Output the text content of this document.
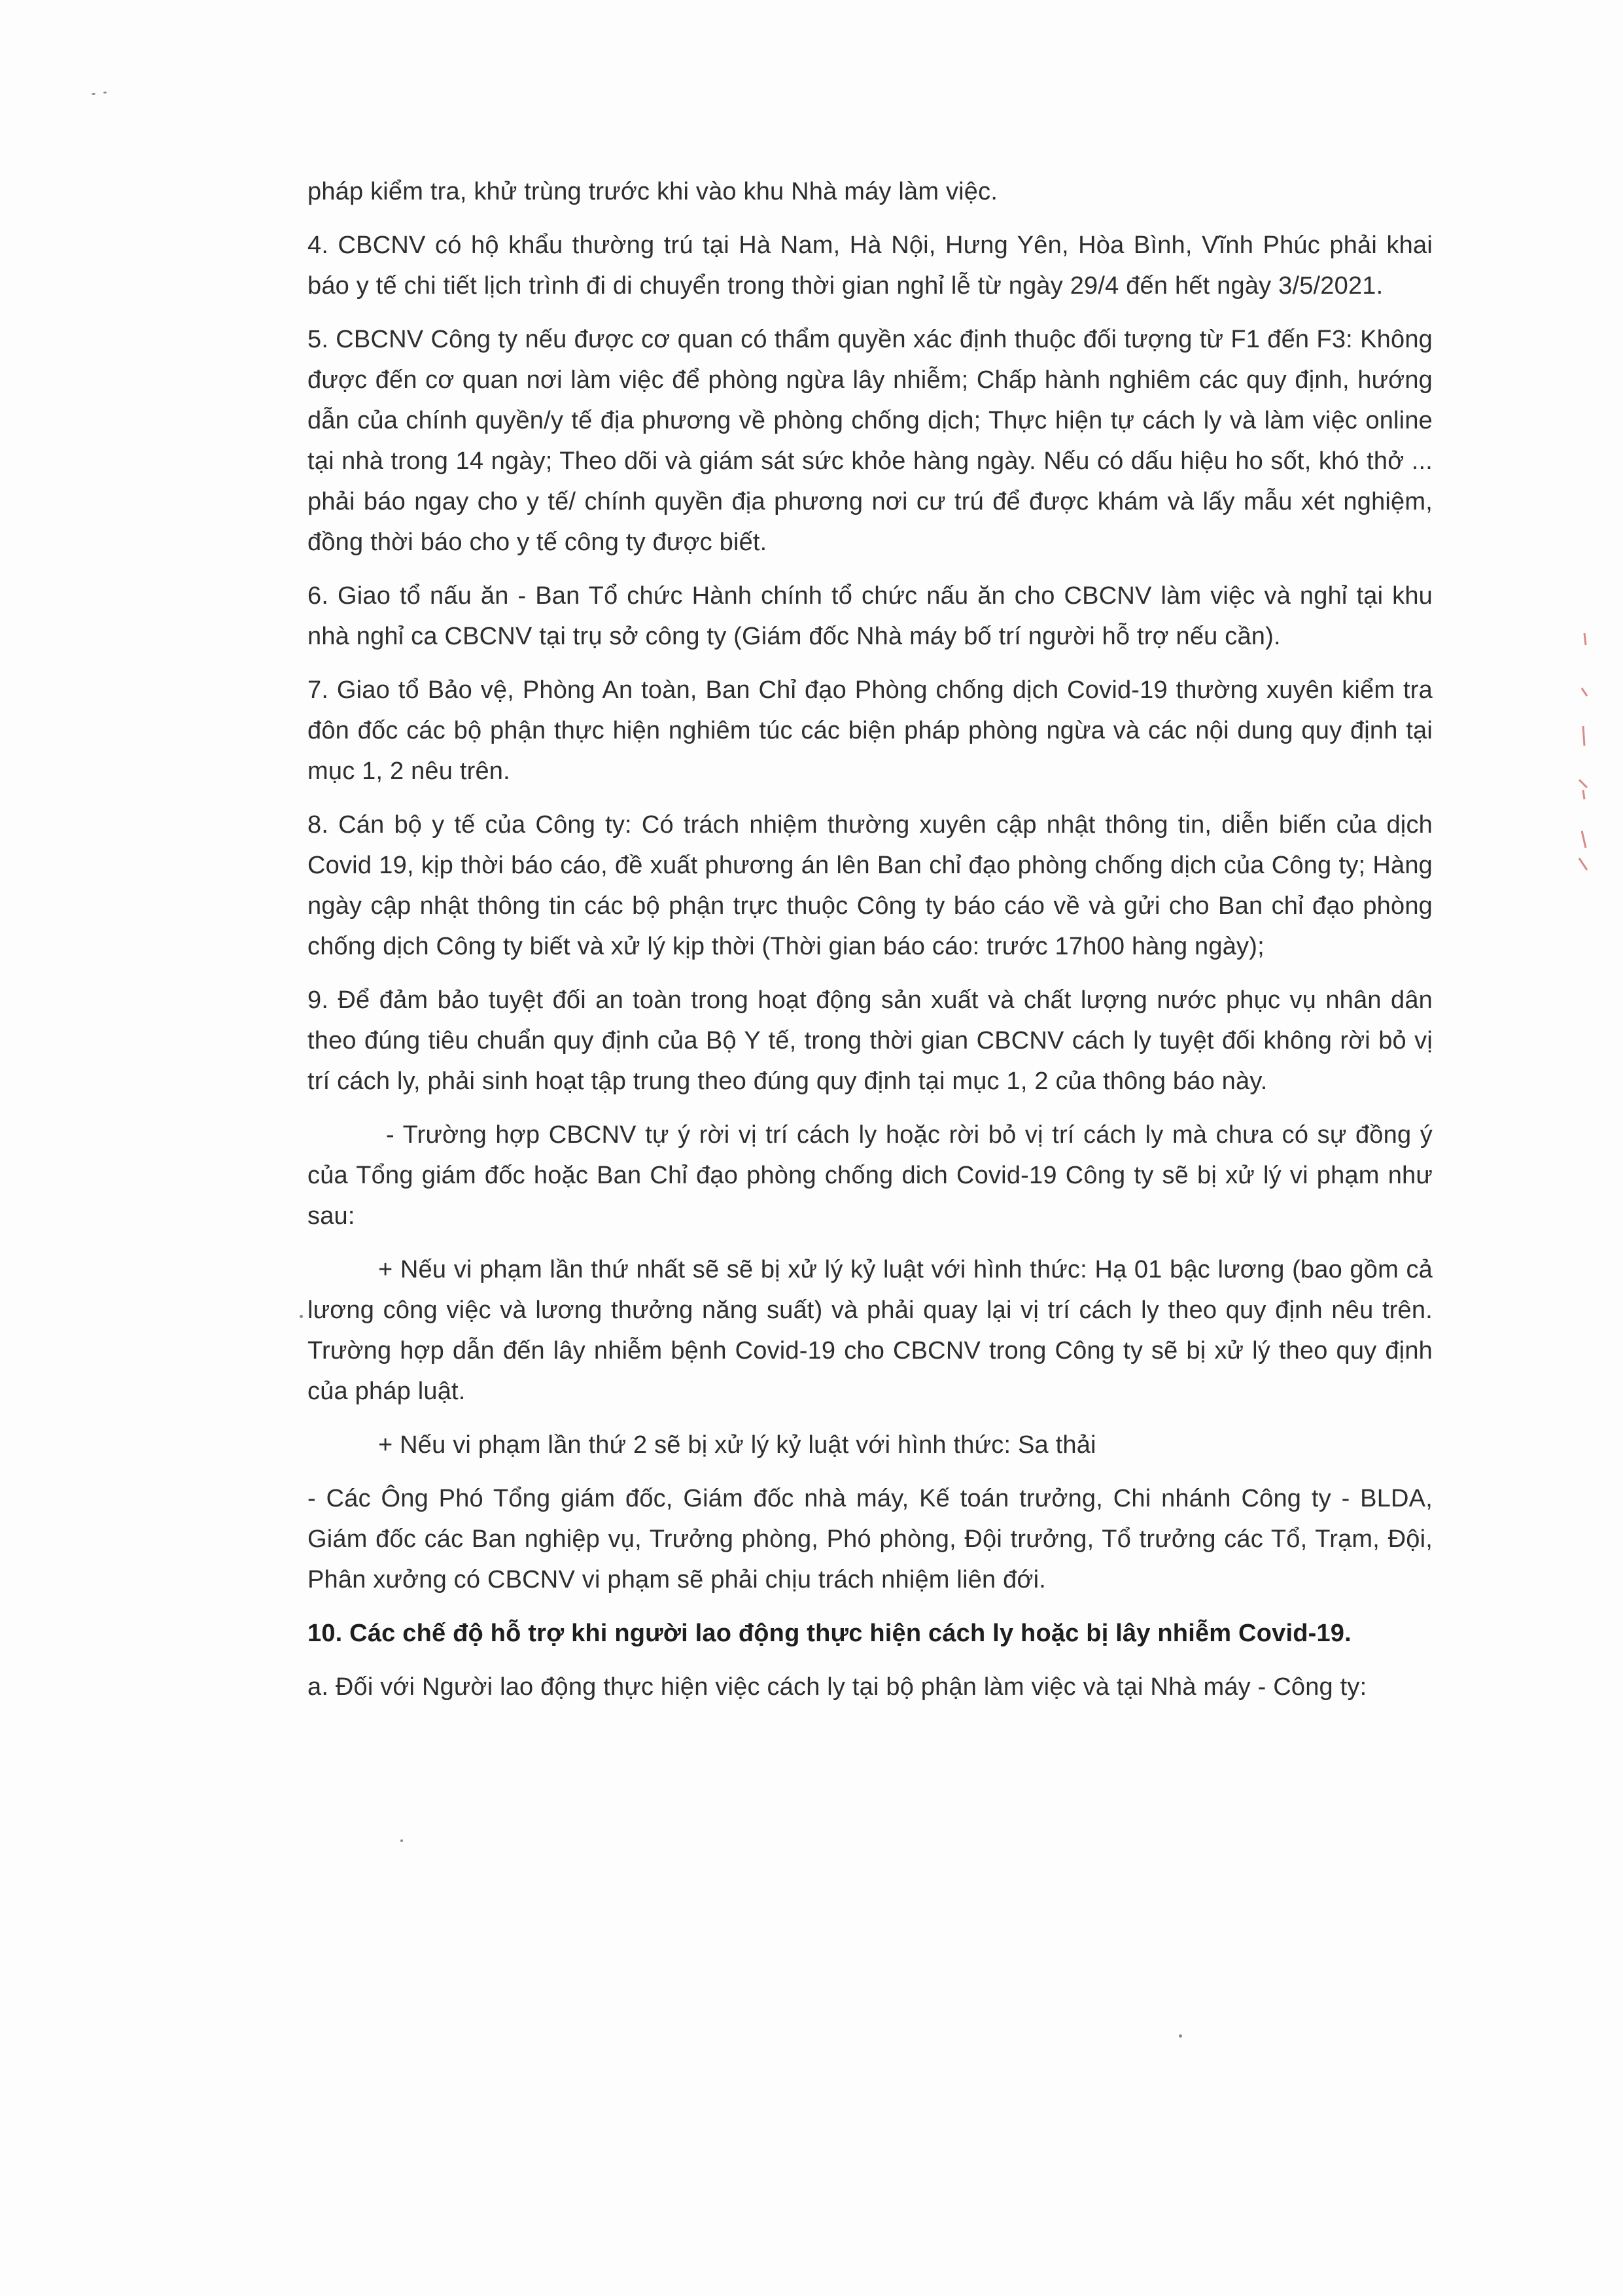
pháp kiểm tra, khử trùng trước khi vào khu Nhà máy làm việc.

4. CBCNV có hộ khẩu thường trú tại Hà Nam, Hà Nội, Hưng Yên, Hòa Bình, Vĩnh Phúc phải khai báo y tế chi tiết lịch trình đi di chuyển trong thời gian nghỉ lễ từ ngày 29/4 đến hết ngày 3/5/2021.

5. CBCNV Công ty nếu được cơ quan có thẩm quyền xác định thuộc đối tượng từ F1 đến F3: Không được đến cơ quan nơi làm việc để phòng ngừa lây nhiễm; Chấp hành nghiêm các quy định, hướng dẫn của chính quyền/y tế địa phương về phòng chống dịch; Thực hiện tự cách ly và làm việc online tại nhà trong 14 ngày; Theo dõi và giám sát sức khỏe hàng ngày. Nếu có dấu hiệu ho sốt, khó thở ... phải báo ngay cho y tế/ chính quyền địa phương nơi cư trú để được khám và lấy mẫu xét nghiệm, đồng thời báo cho y tế công ty được biết.

6. Giao tổ nấu ăn - Ban Tổ chức Hành chính tổ chức nấu ăn cho CBCNV làm việc và nghỉ tại khu nhà nghỉ ca CBCNV tại trụ sở công ty (Giám đốc Nhà máy bố trí người hỗ trợ nếu cần).

7. Giao tổ Bảo vệ, Phòng An toàn, Ban Chỉ đạo Phòng chống dịch Covid-19 thường xuyên kiểm tra đôn đốc các bộ phận thực hiện nghiêm túc các biện pháp phòng ngừa và các nội dung quy định tại mục 1, 2 nêu trên.

8. Cán bộ y tế của Công ty: Có trách nhiệm thường xuyên cập nhật thông tin, diễn biến của dịch Covid 19, kịp thời báo cáo, đề xuất phương án lên Ban chỉ đạo phòng chống dịch của Công ty; Hàng ngày cập nhật thông tin các bộ phận trực thuộc Công ty báo cáo về và gửi cho Ban chỉ đạo phòng chống dịch Công ty biết và xử lý kịp thời (Thời gian báo cáo: trước 17h00 hàng ngày);

9. Để đảm bảo tuyệt đối an toàn trong hoạt động sản xuất và chất lượng nước phục vụ nhân dân theo đúng tiêu chuẩn quy định của Bộ Y tế, trong thời gian CBCNV cách ly tuyệt đối không rời bỏ vị trí cách ly, phải sinh hoạt tập trung theo đúng quy định tại mục 1, 2 của thông báo này.

- Trường hợp CBCNV tự ý rời vị trí cách ly hoặc rời bỏ vị trí cách ly mà chưa có sự đồng ý của Tổng giám đốc hoặc Ban Chỉ đạo phòng chống dich Covid-19 Công ty sẽ bị xử lý vi phạm như sau:

+ Nếu vi phạm lần thứ nhất sẽ sẽ bị xử lý kỷ luật với hình thức: Hạ 01 bậc lương (bao gồm cả lương công việc và lương thưởng năng suất) và phải quay lại vị trí cách ly theo quy định nêu trên. Trường hợp dẫn đến lây nhiễm bệnh Covid-19 cho CBCNV trong Công ty sẽ bị xử lý theo quy định của pháp luật.

+ Nếu vi phạm lần thứ 2 sẽ bị xử lý kỷ luật với hình thức: Sa thải

- Các Ông Phó Tổng giám đốc, Giám đốc nhà máy, Kế toán trưởng, Chi nhánh Công ty - BLDA, Giám đốc các Ban nghiệp vụ, Trưởng phòng, Phó phòng, Đội trưởng, Tổ trưởng các Tổ, Trạm, Đội, Phân xưởng có CBCNV vi phạm sẽ phải chịu trách nhiệm liên đới.

10. Các chế độ hỗ trợ khi người lao động thực hiện cách ly hoặc bị lây nhiễm Covid-19.

a. Đối với Người lao động thực hiện việc cách ly tại bộ phận làm việc và tại Nhà máy - Công ty:
